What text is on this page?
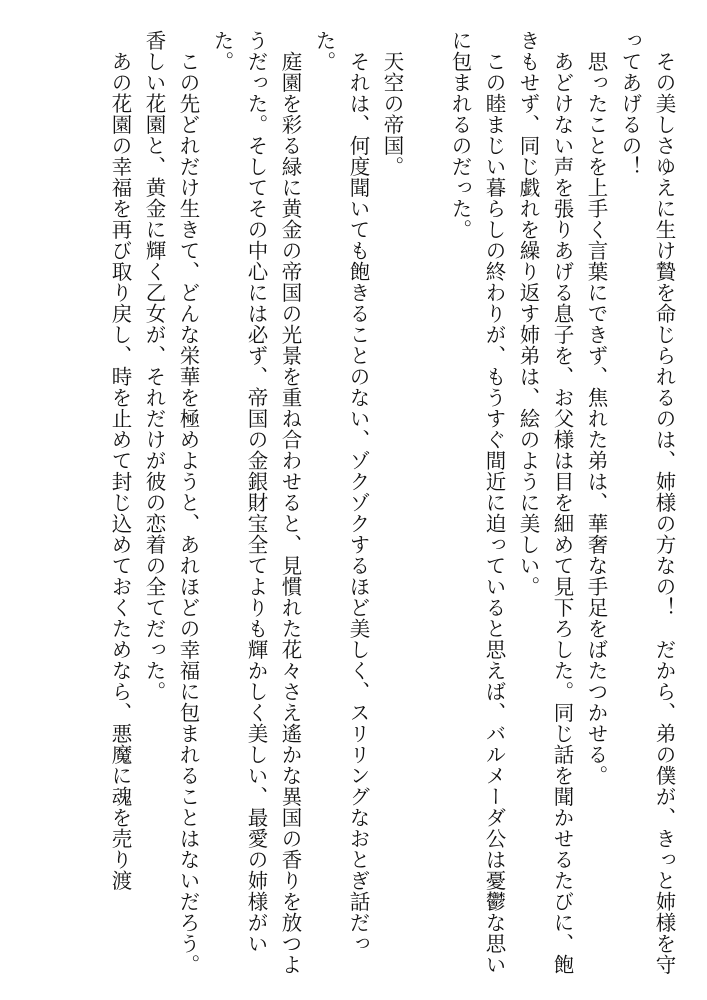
　その美しさゆえに生け贄を命じられるのは、姉様の方なの！　だから、弟の僕が、きっと姉様を守ってあげるの！

　思ったことを上手く言葉にできず、焦れた弟は、華奢な手足をばたつかせる。

　あどけない声を張りあげる息子を、お父様は目を細めて見下ろした。同じ話を聞かせるたびに、飽きもせず、同じ戯れを繰り返す姉弟は、絵のように美しい。

　この睦まじい暮らしの終わりが、もうすぐ間近に迫っていると思えば、バルメーダ公は憂鬱な思いに包まれるのだった。

　天空の帝国。

　それは、何度聞いても飽きることのない、ゾクゾクするほど美しく、スリリングなおとぎ話だった。

　庭園を彩る緑に黄金の帝国の光景を重ね合わせると、見慣れた花々さえ遙かな異国の香りを放つようだった。そしてその中心には必ず、帝国の金銀財宝全てよりも輝かしく美しい、最愛の姉様がいた。

　この先どれだけ生きて、どんな栄華を極めようと、あれほどの幸福に包まれることはないだろう。香しい花園と、黄金に輝く乙女が、それだけが彼の恋着の全てだった。

　あの花園の幸福を再び取り戻し、時を止めて封じ込めておくためなら、悪魔に魂を売り渡
